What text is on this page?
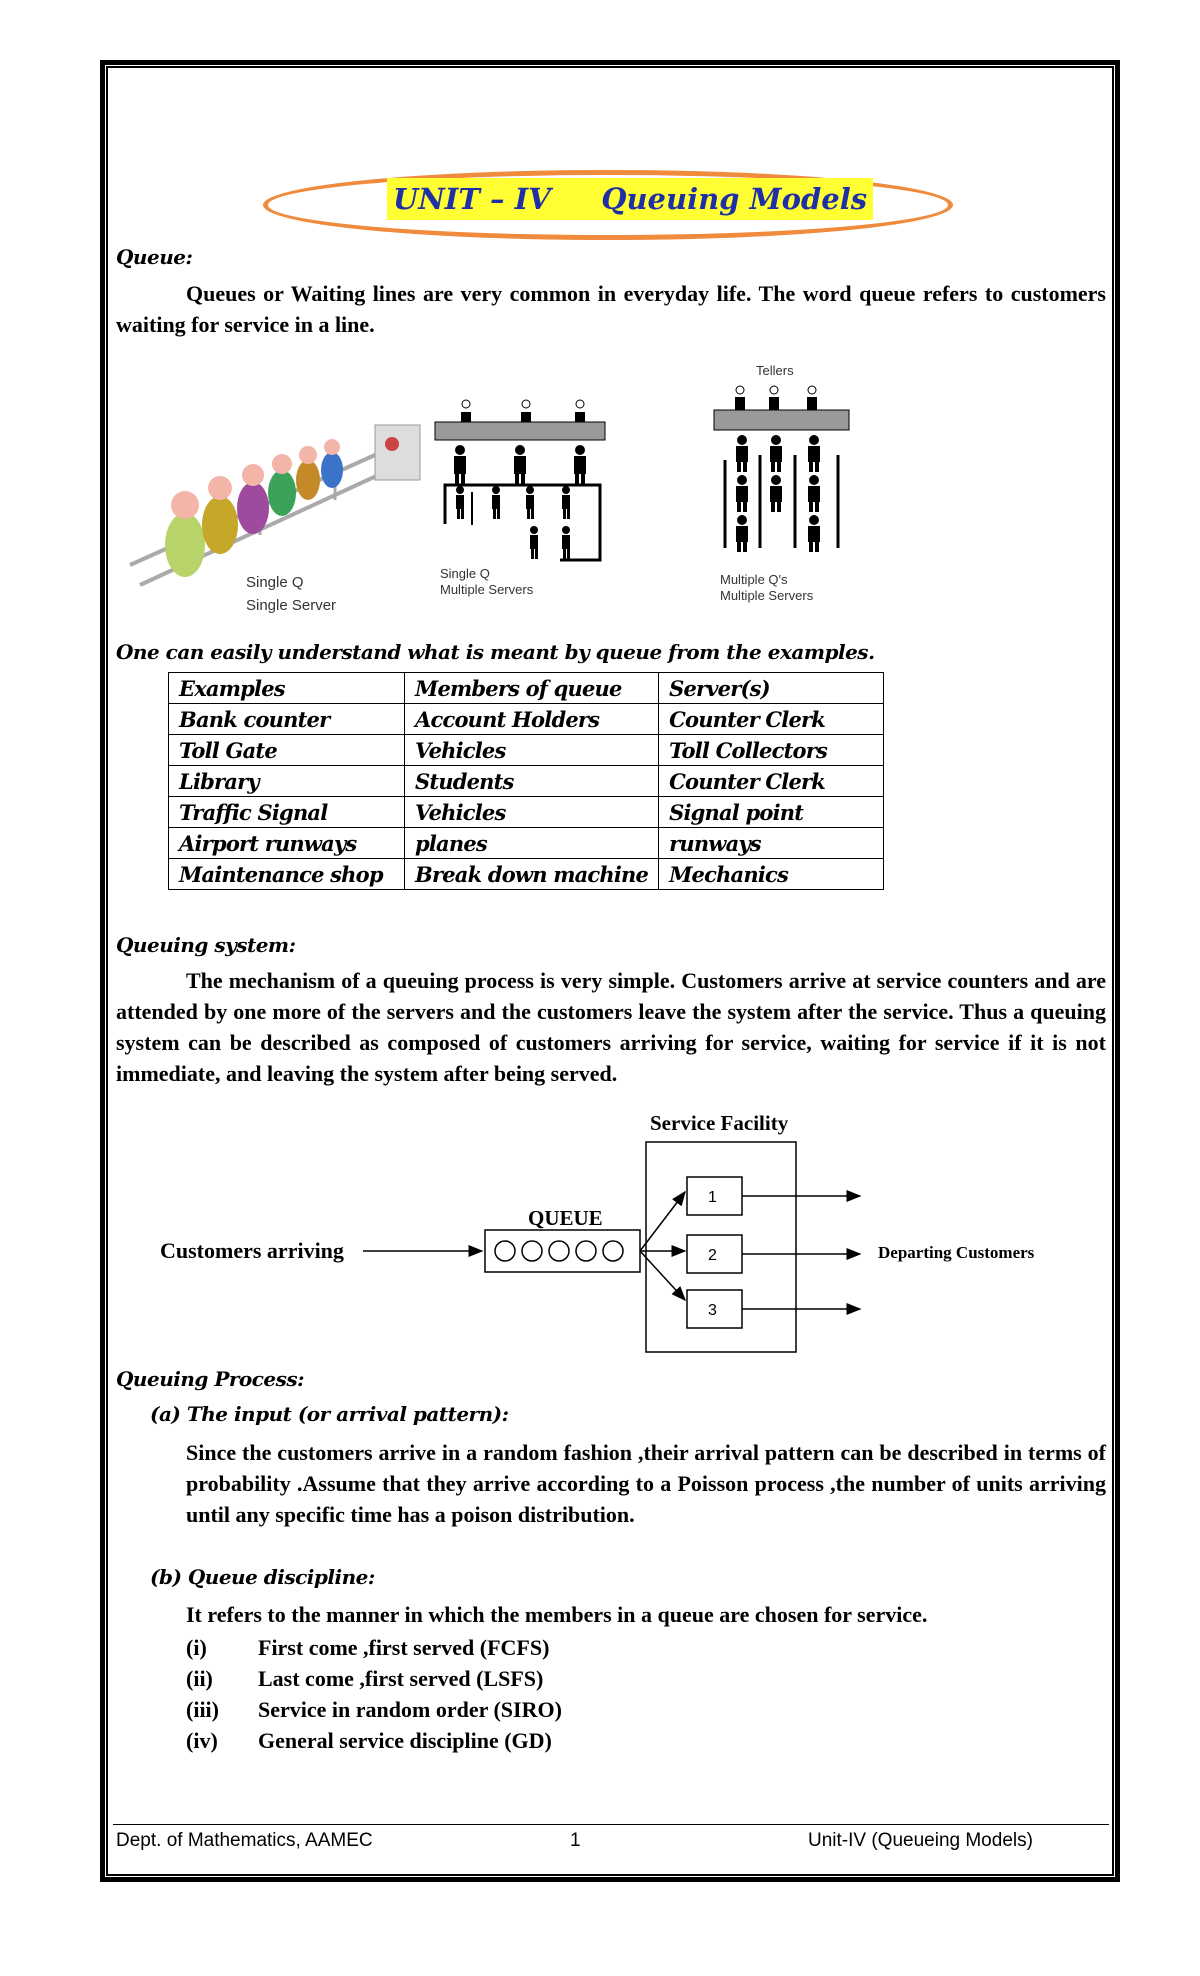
UNIT – IV Queuing Models
Queue:
Queues or Waiting lines are very common in everyday life. The word queue refers to customers waiting for service in a line.
Single Q
Single Server
Single Q
Multiple Servers
Tellers
Multiple Q's
Multiple Servers
One can easily understand what is meant by queue from the examples.
Examples	Members of queue	Server(s)
Bank counter	Account Holders	Counter Clerk
Toll Gate	Vehicles	Toll Collectors
Library	Students	Counter Clerk
Traffic Signal	Vehicles	Signal point
Airport runways	planes	runways
Maintenance shop	Break down machine	Mechanics
Queuing system:
The mechanism of a queuing process is very simple. Customers arrive at service counters and are attended by one more of the servers and the customers leave the system after the service. Thus a queuing system can be described as composed of customers arriving for service, waiting for service if it is not immediate, and leaving the system after being served.
Service Facility
Customers arriving
QUEUE
1
2
3
Departing Customers
Queuing Process:
(a) The input (or arrival pattern):
Since the customers arrive in a random fashion ,their arrival pattern can be described in terms of probability .Assume that they arrive according to a Poisson process ,the number of units arriving until any specific time has a poison distribution.
(b) Queue discipline:
It refers to the manner in which the members in a queue are chosen for service.
(i) First come ,first served (FCFS)
(ii) Last come ,first served (LSFS)
(iii) Service in random order (SIRO)
(iv) General service discipline (GD)
Dept. of Mathematics, AAMEC	1	Unit-IV (Queueing Models)
